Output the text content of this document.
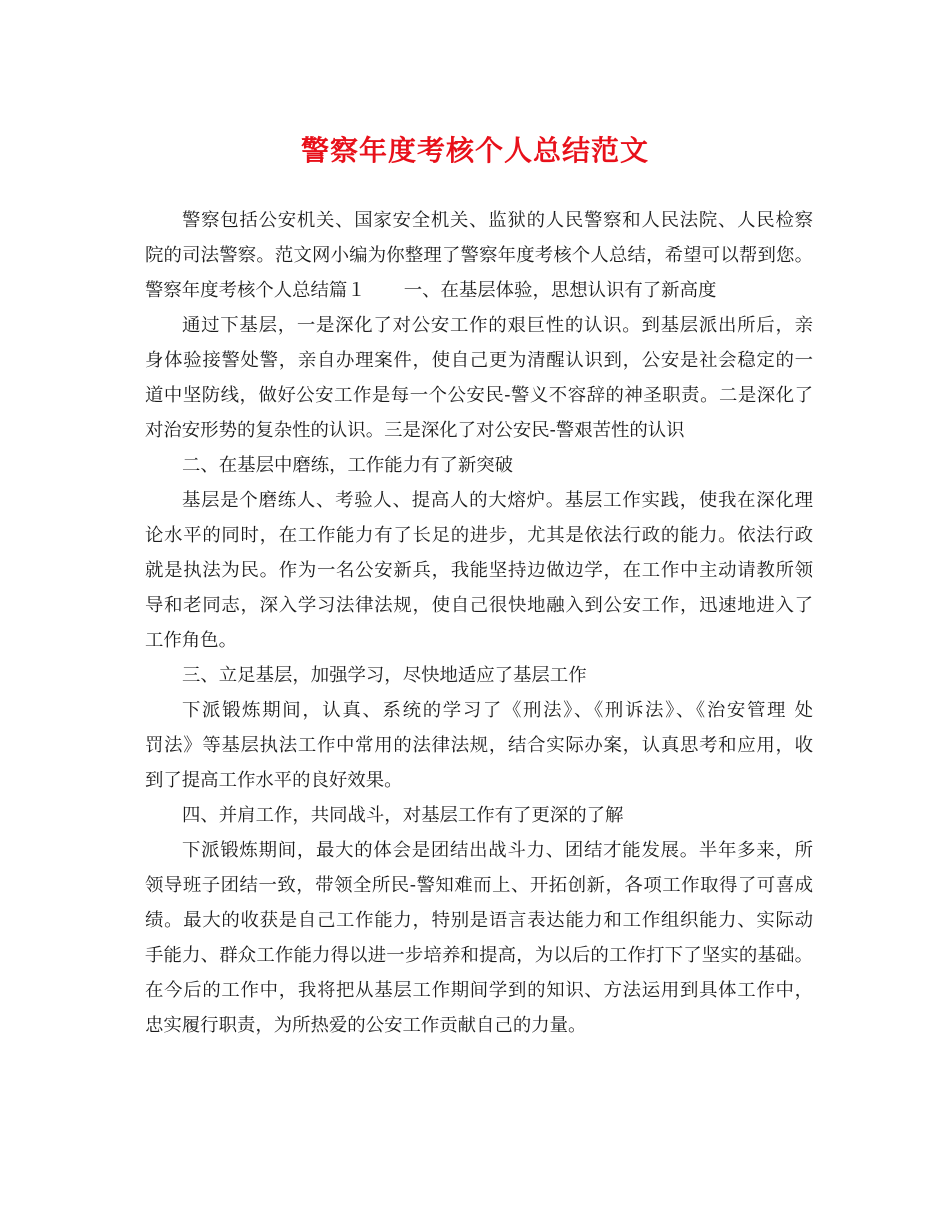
警察年度考核个人总结范文
警察包括公安机关、国家安全机关、监狱的人民警察和人民法院、人民检察
院的司法警察。范文网小编为你整理了警察年度考核个人总结，希望可以帮到您。
警察年度考核个人总结篇１ 一、在基层体验，思想认识有了新高度
通过下基层，一是深化了对公安工作的艰巨性的认识。到基层派出所后，亲
身体验接警处警，亲自办理案件，使自己更为清醒认识到，公安是社会稳定的一
道中坚防线，做好公安工作是每一个公安民-警义不容辞的神圣职责。二是深化了
对治安形势的复杂性的认识。三是深化了对公安民-警艰苦性的认识
二、在基层中磨练，工作能力有了新突破
基层是个磨练人、考验人、提高人的大熔炉。基层工作实践，使我在深化理
论水平的同时，在工作能力有了长足的进步，尤其是依法行政的能力。依法行政
就是执法为民。作为一名公安新兵，我能坚持边做边学，在工作中主动请教所领
导和老同志，深入学习法律法规，使自己很快地融入到公安工作，迅速地进入了
工作角色。
三、立足基层，加强学习，尽快地适应了基层工作
下派锻炼期间，认真、系统的学习了《刑法》、《刑诉法》、《治安管理 处
罚法》等基层执法工作中常用的法律法规，结合实际办案，认真思考和应用，收
到了提高工作水平的良好效果。
四、并肩工作，共同战斗，对基层工作有了更深的了解
下派锻炼期间，最大的体会是团结出战斗力、团结才能发展。半年多来，所
领导班子团结一致，带领全所民-警知难而上、开拓创新，各项工作取得了可喜成
绩。最大的收获是自己工作能力，特别是语言表达能力和工作组织能力、实际动
手能力、群众工作能力得以进一步培养和提高，为以后的工作打下了坚实的基础。
在今后的工作中，我将把从基层工作期间学到的知识、方法运用到具体工作中，
忠实履行职责，为所热爱的公安工作贡献自己的力量。
